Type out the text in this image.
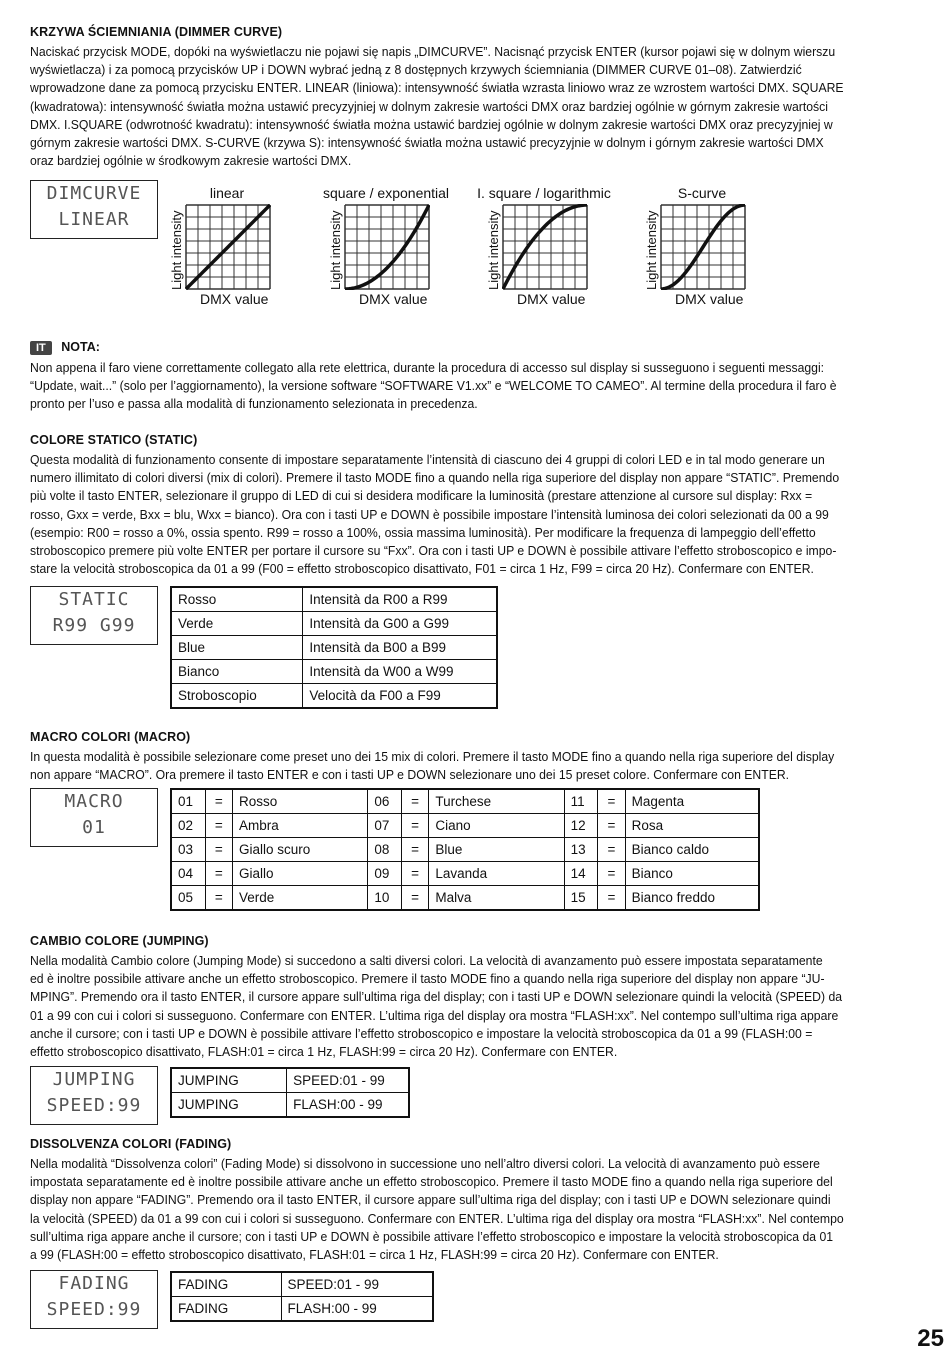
KRZYWA ŚCIEMNIANIA (DIMMER CURVE)
Naciskać przycisk MODE, dopóki na wyświetlaczu nie pojawi się napis „DIMCURVE”. Nacisnąć przycisk ENTER (kursor pojawi się w dolnym wierszu
wyświetlacza) i za pomocą przycisków UP i DOWN wybrać jedną z 8 dostępnych krzywych ściemniania (DIMMER CURVE 01–08). Zatwierdzić
wprowadzone dane za pomocą przycisku ENTER. LINEAR (liniowa): intensywność światła wzrasta liniowo wraz ze wzrostem wartości DMX. SQUARE
(kwadratowa): intensywność światła można ustawić precyzyjniej w dolnym zakresie wartości DMX oraz bardziej ogólnie w górnym zakresie wartości
DMX. I.SQUARE (odwrotność kwadratu): intensywność światła można ustawić bardziej ogólnie w dolnym zakresie wartości DMX oraz precyzyjniej w
górnym zakresie wartości DMX. S-CURVE (krzywa S): intensywność światła można ustawić precyzyjnie w dolnym i górnym zakresie wartości DMX
oraz bardziej ogólnie w środkowym zakresie wartości DMX.
DIMCURVE
LINEAR
linear
DMX value
Light intensity
square / exponential
DMX value
Light intensity
I. square / logarithmic
DMX value
Light intensity
S-curve
DMX value
Light intensity
IT NOTA:
Non appena il faro viene correttamente collegato alla rete elettrica, durante la procedura di accesso sul display si susseguono i seguenti messaggi:
“Update, wait...” (solo per l’aggiornamento), la versione software “SOFTWARE V1.xx” e “WELCOME TO CAMEO”. Al termine della procedura il faro è
pronto per l’uso e passa alla modalità di funzionamento selezionata in precedenza.
COLORE STATICO (STATIC)
Questa modalità di funzionamento consente di impostare separatamente l’intensità di ciascuno dei 4 gruppi di colori LED e in tal modo generare un
numero illimitato di colori diversi (mix di colori). Premere il tasto MODE fino a quando nella riga superiore del display non appare “STATIC”. Premendo
più volte il tasto ENTER, selezionare il gruppo di LED di cui si desidera modificare la luminosità (prestare attenzione al cursore sul display: Rxx =
rosso, Gxx = verde, Bxx = blu, Wxx = bianco). Ora con i tasti UP e DOWN è possibile impostare l’intensità luminosa dei colori selezionati da 00 a 99
(esempio: R00 = rosso a 0%, ossia spento. R99 = rosso a 100%, ossia massima luminosità). Per modificare la frequenza di lampeggio dell’effetto
stroboscopico premere più volte ENTER per portare il cursore su “Fxx”. Ora con i tasti UP e DOWN è possibile attivare l’effetto stroboscopico e impo-
stare la velocità stroboscopica da 01 a 99 (F00 = effetto stroboscopico disattivato, F01 = circa 1 Hz, F99 = circa 20 Hz). Confermare con ENTER.
STATIC
R99 G99
Rosso	Intensità da R00 a R99
Verde	Intensità da G00 a G99
Blue	Intensità da B00 a B99
Bianco	Intensità da W00 a W99
Stroboscopio	Velocità da F00 a F99
MACRO COLORI (MACRO)
In questa modalità è possibile selezionare come preset uno dei 15 mix di colori. Premere il tasto MODE fino a quando nella riga superiore del display
non appare “MACRO”. Ora premere il tasto ENTER e con i tasti UP e DOWN selezionare uno dei 15 preset colore. Confermare con ENTER.
MACRO
01
01	=	Rosso	06	=	Turchese	11	=	Magenta
02	=	Ambra	07	=	Ciano	12	=	Rosa
03	=	Giallo scuro	08	=	Blue	13	=	Bianco caldo
04	=	Giallo	09	=	Lavanda	14	=	Bianco
05	=	Verde	10	=	Malva	15	=	Bianco freddo
CAMBIO COLORE (JUMPING)
Nella modalità Cambio colore (Jumping Mode) si succedono a salti diversi colori. La velocità di avanzamento può essere impostata separatamente
ed è inoltre possibile attivare anche un effetto stroboscopico. Premere il tasto MODE fino a quando nella riga superiore del display non appare “JU-
MPING”. Premendo ora il tasto ENTER, il cursore appare sull’ultima riga del display; con i tasti UP e DOWN selezionare quindi la velocità (SPEED) da
01 a 99 con cui i colori si susseguono. Confermare con ENTER. L’ultima riga del display ora mostra “FLASH:xx”. Nel contempo sull’ultima riga appare
anche il cursore; con i tasti UP e DOWN è possibile attivare l’effetto stroboscopico e impostare la velocità stroboscopica da 01 a 99 (FLASH:00 =
effetto stroboscopico disattivato, FLASH:01 = circa 1 Hz, FLASH:99 = circa 20 Hz). Confermare con ENTER.
JUMPING
SPEED:99
JUMPING	SPEED:01 - 99
JUMPING	FLASH:00 - 99
DISSOLVENZA COLORI (FADING)
Nella modalità “Dissolvenza colori” (Fading Mode) si dissolvono in successione uno nell’altro diversi colori. La velocità di avanzamento può essere
impostata separatamente ed è inoltre possibile attivare anche un effetto stroboscopico. Premere il tasto MODE fino a quando nella riga superiore del
display non appare “FADING”. Premendo ora il tasto ENTER, il cursore appare sull’ultima riga del display; con i tasti UP e DOWN selezionare quindi
la velocità (SPEED) da 01 a 99 con cui i colori si susseguono. Confermare con ENTER. L’ultima riga del display ora mostra “FLASH:xx”. Nel contempo
sull’ultima riga appare anche il cursore; con i tasti UP e DOWN è possibile attivare l’effetto stroboscopico e impostare la velocità stroboscopica da 01
a 99 (FLASH:00 = effetto stroboscopico disattivato, FLASH:01 = circa 1 Hz, FLASH:99 = circa 20 Hz). Confermare con ENTER.
FADING
SPEED:99
FADING	SPEED:01 - 99
FADING	FLASH:00 - 99
25
